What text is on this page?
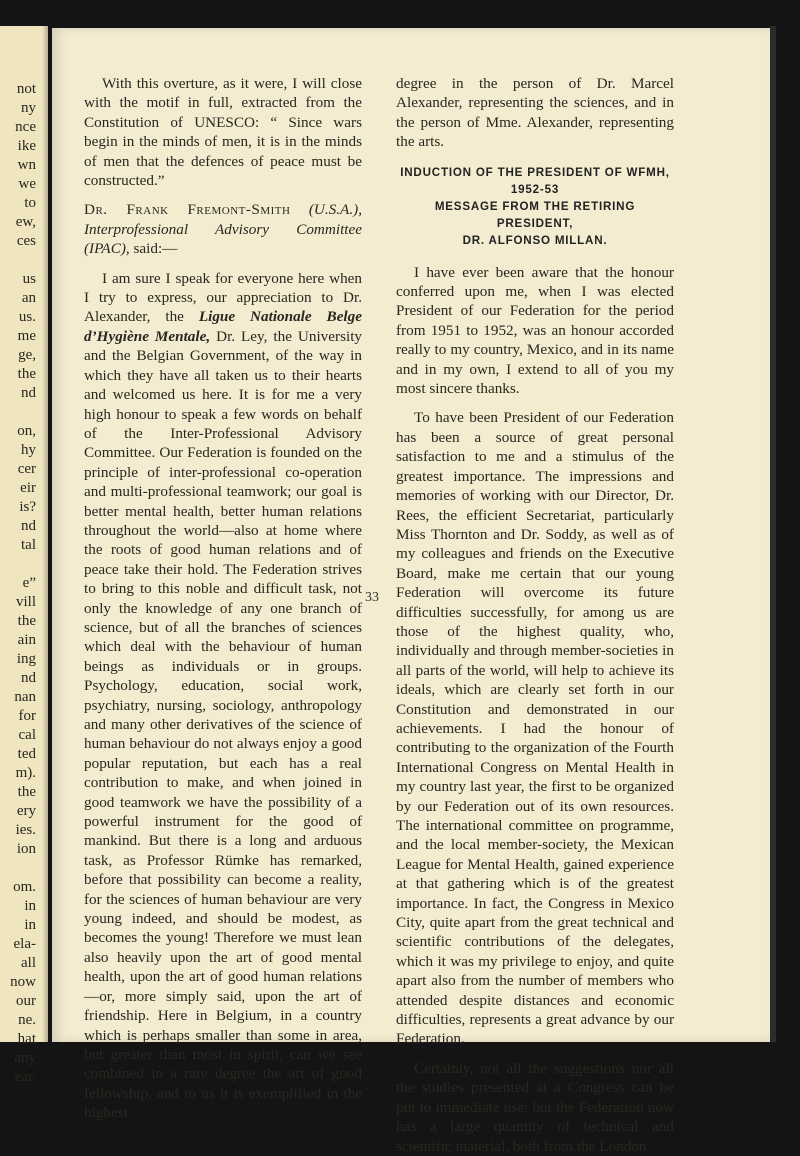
not
ny
nce
ike
wn
we
to
ew,
ces
us
an
us.
me
ge,
the
nd
on,
hy
cer
eir
is?
nd
tal
e”
vill
the
ain
ing
nd
nan
for
cal
ted
m).
the
ery
ies.
ion
om.
in
in
ela-
all
now
our
ne.
hat
any
ear.

With this overture, as it were, I will close with the motif in full, extracted from the Constitution of UNESCO: “ Since wars begin in the minds of men, it is in the minds of men that the defences of peace must be constructed.”

Dr. Frank Fremont-Smith (U.S.A.), Interprofessional Advisory Committee (IPAC), said:—

I am sure I speak for everyone here when I try to express, our appreciation to Dr. Alexander, the Ligue Nationale Belge d’Hygiène Mentale, Dr. Ley, the University and the Belgian Government, of the way in which they have all taken us to their hearts and welcomed us here. It is for me a very high honour to speak a few words on behalf of the Inter-Professional Advisory Committee. Our Federation is founded on the principle of inter-professional co-operation and multi-professional teamwork; our goal is better mental health, better human relations throughout the world—also at home where the roots of good human relations and of peace take their hold. The Federation strives to bring to this noble and difficult task, not only the knowledge of any one branch of science, but of all the branches of sciences which deal with the behaviour of human beings as individuals or in groups. Psychology, education, social work, psychiatry, nursing, sociology, anthropology and many other derivatives of the science of human behaviour do not always enjoy a good popular reputation, but each has a real contribution to make, and when joined in good teamwork we have the possibility of a powerful instrument for the good of mankind. But there is a long and arduous task, as Professor Rümke has remarked, before that possibility can become a reality, for the sciences of human behaviour are very young indeed, and should be modest, as becomes the young! Therefore we must lean also heavily upon the art of good mental health, upon the art of good human relations—or, more simply said, upon the art of friendship. Here in Belgium, in a country which is perhaps smaller than some in area, but greater than most in spirit, can we see combined in a rare degree the art of good fellowship, and to us it is exemplified in the highest

degree in the person of Dr. Marcel Alexander, representing the sciences, and in the person of Mme. Alexander, representing the arts.

INDUCTION OF THE PRESIDENT OF WFMH,
1952-53
MESSAGE FROM THE RETIRING PRESIDENT,
DR. ALFONSO MILLAN.

I have ever been aware that the honour conferred upon me, when I was elected President of our Federation for the period from 1951 to 1952, was an honour accorded really to my country, Mexico, and in its name and in my own, I extend to all of you my most sincere thanks.

To have been President of our Federation has been a source of great personal satisfaction to me and a stimulus of the greatest importance. The impressions and memories of working with our Director, Dr. Rees, the efficient Secretariat, particularly Miss Thornton and Dr. Soddy, as well as of my colleagues and friends on the Executive Board, make me certain that our young Federation will overcome its future difficulties successfully, for among us are those of the highest quality, who, individually and through member-societies in all parts of the world, will help to achieve its ideals, which are clearly set forth in our Constitution and demonstrated in our achievements. I had the honour of contributing to the organization of the Fourth International Congress on Mental Health in my country last year, the first to be organized by our Federation out of its own resources. The international committee on programme, and the local member-society, the Mexican League for Mental Health, gained experience at that gathering which is of the greatest importance. In fact, the Congress in Mexico City, quite apart from the great technical and scientific contributions of the delegates, which it was my privilege to enjoy, and quite apart also from the number of members who attended despite distances and economic difficulties, represents a great advance by our Federation.

Certainly, not all the suggestions nor all the studies presented at a Congress can be put to immediate use; but the Federation now has a large quantity of technical and scientific material, both from the London

33
